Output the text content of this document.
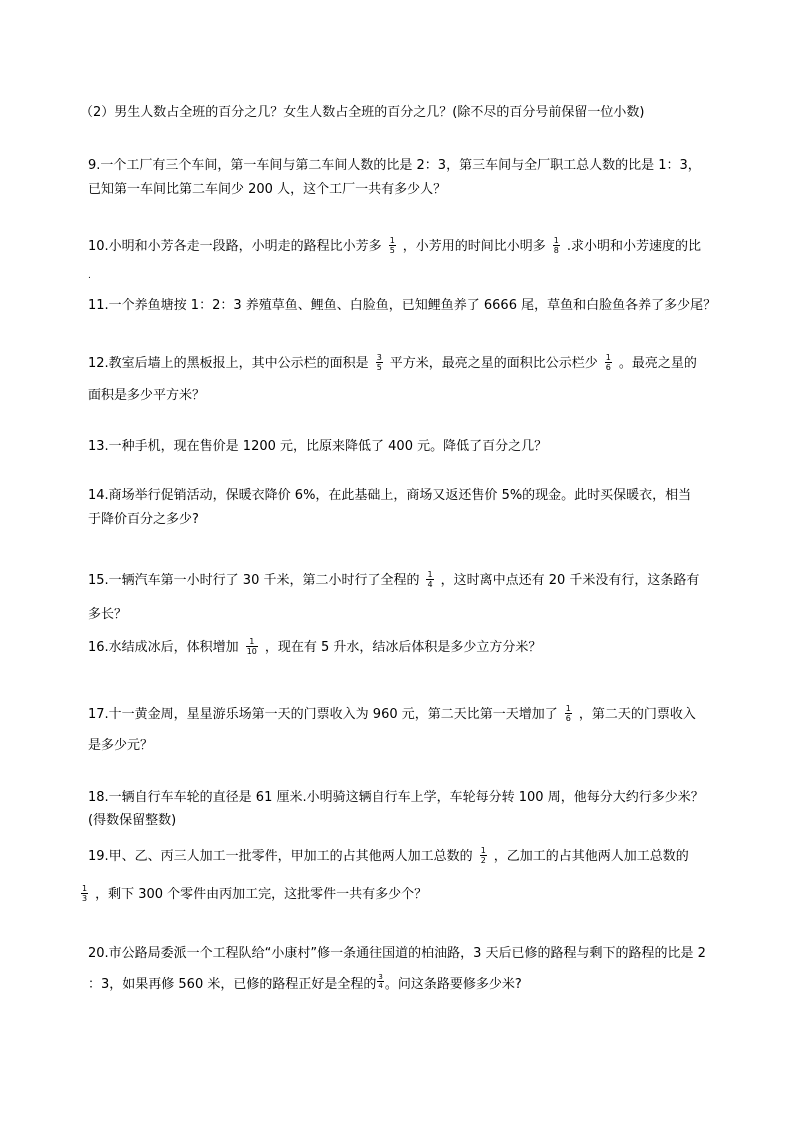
（2）男生人数占全班的百分之几？女生人数占全班的百分之几？(除不尽的百分号前保留一位小数)
9.一个工厂有三个车间，第一车间与第二车间人数的比是 2：3，第三车间与全厂职工总人数的比是 1：3，
已知第一车间比第二车间少 200 人，这个工厂一共有多少人？
10.小明和小芳各走一段路，小明走的路程比小芳多 $\frac{1}{5}$ ，小芳用的时间比小明多 $\frac{1}{8}$ .求小明和小芳速度的比
.
11.一个养鱼塘按 1：2：3 养殖草鱼、鲤鱼、白脸鱼，已知鲤鱼养了 6666 尾，草鱼和白脸鱼各养了多少尾？
12.教室后墙上的黑板报上，其中公示栏的面积是 $\frac{3}{5}$ 平方米，最亮之星的面积比公示栏少 $\frac{1}{6}$ 。最亮之星的
面积是多少平方米？
13.一种手机，现在售价是 1200 元，比原来降低了 400 元。降低了百分之几？
14.商场举行促销活动，保暖衣降价 6%，在此基础上，商场又返还售价 5%的现金。此时买保暖衣，相当
于降价百分之多少?
15.一辆汽车第一小时行了 30 千米，第二小时行了全程的 $\frac{1}{4}$ ，这时离中点还有 20 千米没有行，这条路有
多长？
16.水结成冰后，体积增加 $\frac{1}{10}$ ，现在有 5 升水，结冰后体积是多少立方分米？
17.十一黄金周，星星游乐场第一天的门票收入为 960 元，第二天比第一天增加了 $\frac{1}{6}$ ，第二天的门票收入
是多少元？
18.一辆自行车车轮的直径是 61 厘米.小明骑这辆自行车上学，车轮每分转 100 周，他每分大约行多少米？
(得数保留整数)
19.甲、乙、丙三人加工一批零件，甲加工的占其他两人加工总数的 $\frac{1}{2}$ ，乙加工的占其他两人加工总数的
$\frac{1}{3}$ ，剩下 300 个零件由丙加工完，这批零件一共有多少个？
20.市公路局委派一个工程队给“小康村”修一条通往国道的柏油路，3 天后已修的路程与剩下的路程的比是 2
：3，如果再修 560 米，已修的路程正好是全程的 $\frac{3}{4}$ 。问这条路要修多少米?
